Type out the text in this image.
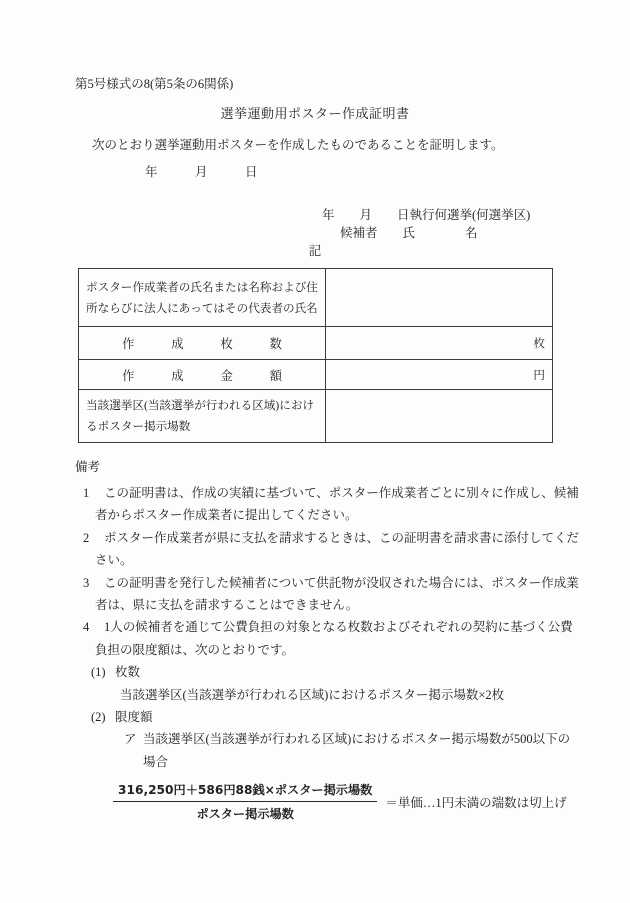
第5号様式の8(第5条の6関係)
選挙運動用ポスター作成証明書
次のとおり選挙運動用ポスターを作成したものであることを証明します。
年　　　月　　　日
年　　月　　日執行何選挙(何選挙区)
候補者　　氏　　　　名
記
ポスター作成業者の氏名または名称および住
所ならびに法人にあってはその代表者の氏名	

作　　　成　　　枚　　　数	枚
作　　　成　　　金　　　額	円

当該選挙区(当該選挙が行われる区域)におけ
るポスター掲示場数	

備考
1 この証明書は、作成の実績に基づいて、ポスター作成業者ごとに別々に作成し、候補
者からポスター作成業者に提出してください。
2 ポスター作成業者が県に支払を請求するときは、この証明書を請求書に添付してくだ
さい。
3 この証明書を発行した候補者について供託物が没収された場合には、ポスター作成業
者は、県に支払を請求することはできません。
4 1人の候補者を通じて公費負担の対象となる枚数およびそれぞれの契約に基づく公費
負担の限度額は、次のとおりです。
(1) 枚数
当該選挙区(当該選挙が行われる区域)におけるポスター掲示場数×2枚
(2) 限度額
ア 当該選挙区(当該選挙が行われる区域)におけるポスター掲示場数が500以下の
場合
$\frac{\text{316,250円＋586円88銭×ポスター掲示場数}}{\text{ポスター掲示場数}}$ ＝単価…1円未満の端数は切上げ
